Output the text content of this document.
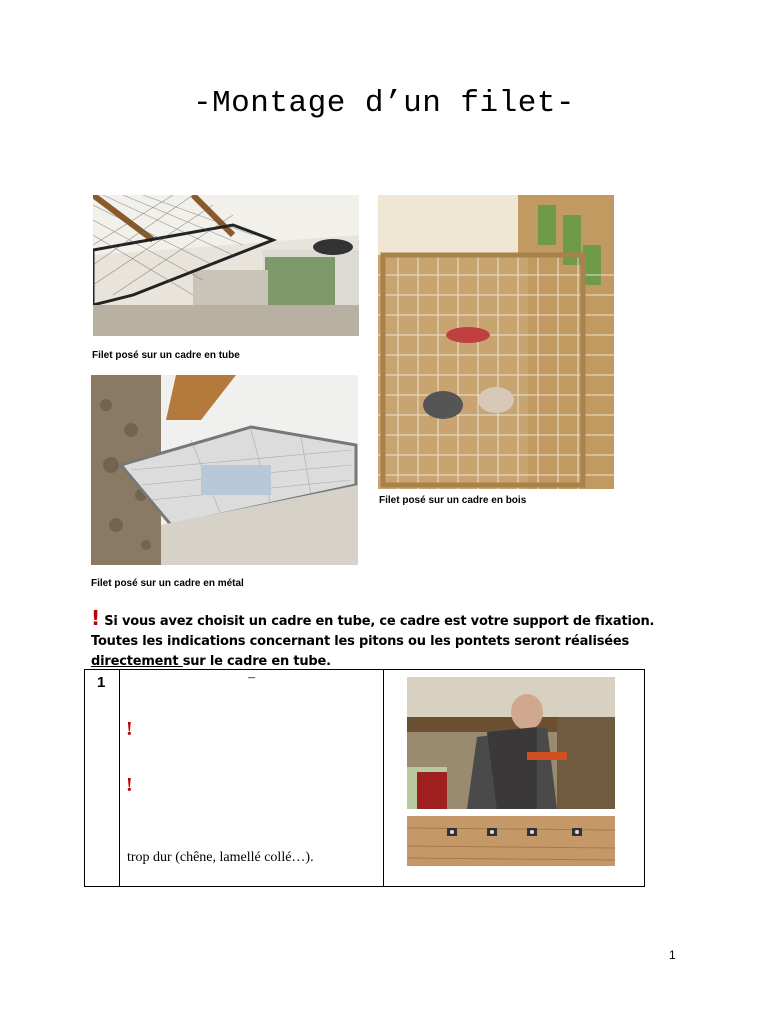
-Montage d’un filet-
Filet posé sur un cadre en tube
Filet posé sur un cadre en bois
Filet posé sur un cadre en métal
! Si vous avez choisit un cadre en tube, ce cadre est votre support de fixation. Toutes les indications concernant les pitons ou les pontets seront réalisées directement sur le cadre en tube.
1	–
!
!
trop dur (chêne, lamellé collé…).

1
